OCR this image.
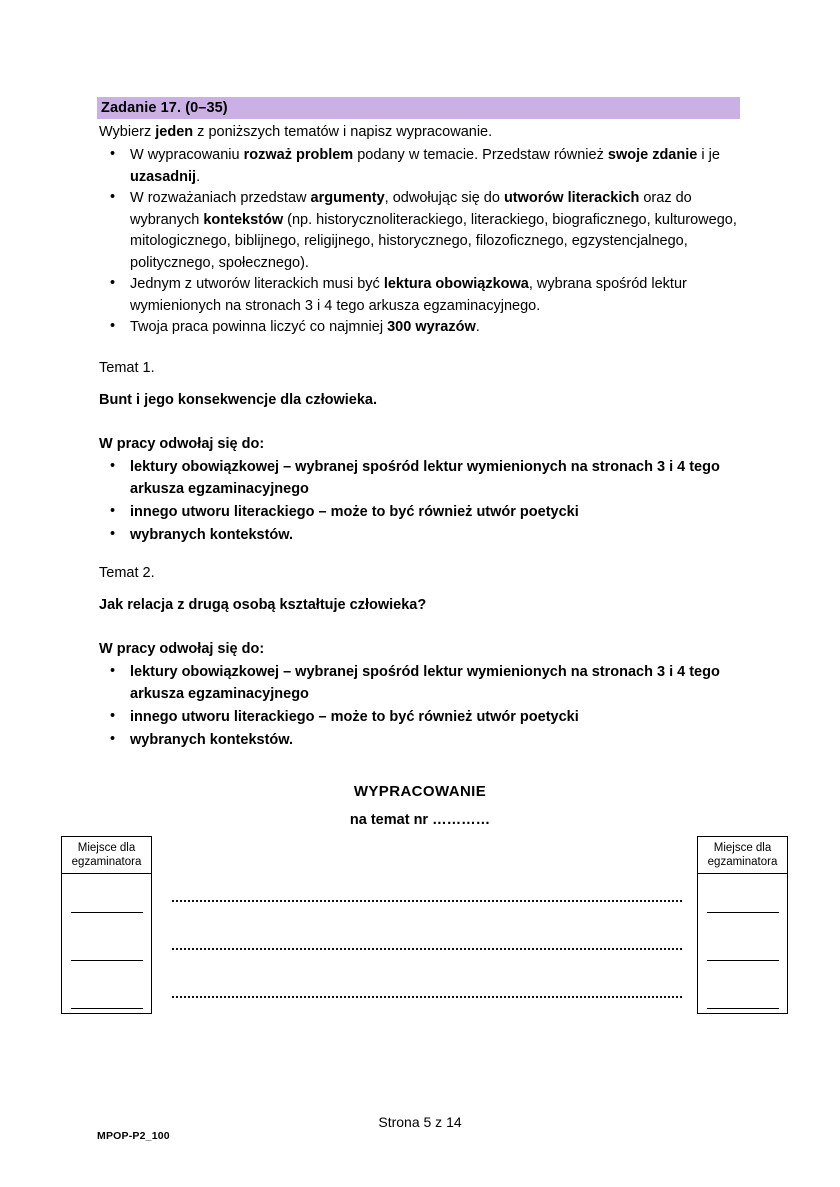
Zadanie 17. (0–35)

Wybierz jeden z poniższych tematów i napisz wypracowanie.

• W wypracowaniu rozważ problem podany w temacie. Przedstaw również swoje zdanie i je uzasadnij.
• W rozważaniach przedstaw argumenty, odwołując się do utworów literackich oraz do wybranych kontekstów (np. historycznoliterackiego, literackiego, biograficznego, kulturowego, mitologicznego, biblijnego, religijnego, historycznego, filozoficznego, egzystencjalnego, politycznego, społecznego).
• Jednym z utworów literackich musi być lektura obowiązkowa, wybrana spośród lektur wymienionych na stronach 3 i 4 tego arkusza egzaminacyjnego.
• Twoja praca powinna liczyć co najmniej 300 wyrazów.

Temat 1.

Bunt i jego konsekwencje dla człowieka.

W pracy odwołaj się do:

• lektury obowiązkowej – wybranej spośród lektur wymienionych na stronach 3 i 4 tego arkusza egzaminacyjnego
• innego utworu literackiego – może to być również utwór poetycki
• wybranych kontekstów.

Temat 2.

Jak relacja z drugą osobą kształtuje człowieka?

W pracy odwołaj się do:

• lektury obowiązkowej – wybranej spośród lektur wymienionych na stronach 3 i 4 tego arkusza egzaminacyjnego
• innego utworu literackiego – może to być również utwór poetycki
• wybranych kontekstów.
WYPRACOWANIE
na temat nr …………
Miejsce dla
egzaminatora
Miejsce dla
egzaminatora
Strona 5 z 14
MPOP-P2_100
